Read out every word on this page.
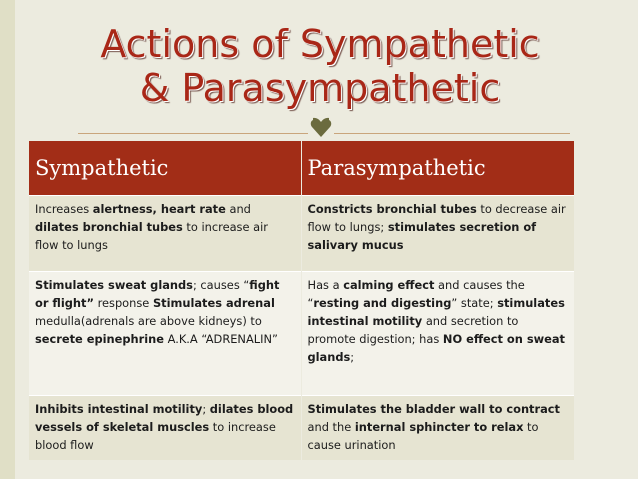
Actions of Sympathetic
& Parasympathetic
Sympathetic	Parasympathetic
Increases alertness, heart rate and dilates bronchial tubes to increase air flow to lungs	Constricts bronchial tubes to decrease air flow to lungs; stimulates secretion of salivary mucus
Stimulates sweat glands; causes “fight or flight” response Stimulates adrenal medulla(adrenals are above kidneys) to secrete epinephrine A.K.A “ADRENALIN”	Has a calming effect and causes the “resting and digesting” state; stimulates intestinal motility and secretion to promote digestion; has NO effect on sweat glands;
Inhibits intestinal motility; dilates blood vessels of skeletal muscles to increase blood flow	Stimulates the bladder wall to contract and the internal sphincter to relax to cause urination
